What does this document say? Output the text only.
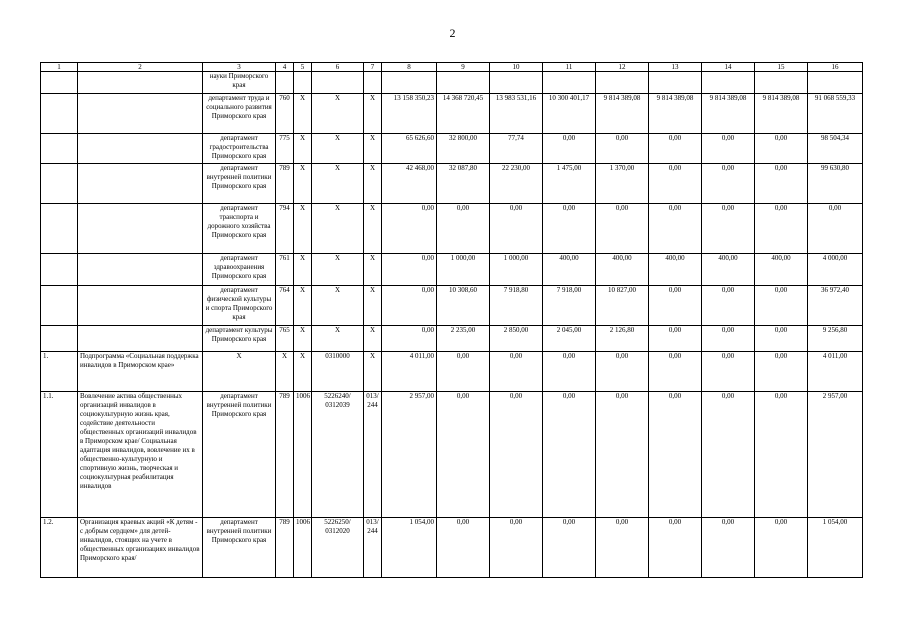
2
1	2	3	4	5	6	7	8	9	10	11	12	13	14	15	16
		науки Приморского края													
		департамент труда и социального развития Приморского края	760	Х	Х	Х	13 158 350,23	14 368 720,45	13 983 531,16	10 300 401,17	9 814 389,08	9 814 389,08	9 814 389,08	9 814 389,08	91 068 559,33
		департамент градостроительства Приморского края	775	Х	Х	Х	65 626,60	32 800,00	77,74	0,00	0,00	0,00	0,00	0,00	98 504,34
		департамент внутренней политики Приморского края	789	Х	Х	Х	42 468,00	32 087,80	22 230,00	1 475,00	1 370,00	0,00	0,00	0,00	99 630,80
		департамент транспорта и дорожного хозяйства Приморского края	794	Х	Х	Х	0,00	0,00	0,00	0,00	0,00	0,00	0,00	0,00	0,00
		департамент здравоохранения Приморского края	761	Х	Х	Х	0,00	1 000,00	1 000,00	400,00	400,00	400,00	400,00	400,00	4 000,00
		департамент физической культуры и спорта Приморского края	764	Х	Х	Х	0,00	10 308,60	7 918,80	7 918,00	10 827,00	0,00	0,00	0,00	36 972,40
		департамент культуры Приморского края	765	Х	Х	Х	0,00	2 235,00	2 850,00	2 045,00	2 126,80	0,00	0,00	0,00	9 256,80
1.	Подпрограмма «Социальная поддержка инвалидов в Приморском крае»	Х	Х	Х	0310000	Х	4 011,00	0,00	0,00	0,00	0,00	0,00	0,00	0,00	4 011,00
1.1.	Вовлечение актива общественных организаций инвалидов в социокультурную жизнь края, содействие деятельности общественных организаций инвалидов в Приморском крае/ Социальная адаптация инвалидов, вовлечение их в общественно-культурную и спортивную жизнь, творческая и социокультурная реабилитация инвалидов	департамент внутренней политики Приморского края	789	1006	5226240/ 0312039	013/ 244	2 957,00	0,00	0,00	0,00	0,00	0,00	0,00	0,00	2 957,00
1.2.	Организация краевых акций «К детям - с добрым сердцем» для детей-инвалидов, стоящих на учете в общественных организациях инвалидов Приморского края/	департамент внутренней политики Приморского края	789	1006	5226250/ 0312020	013/ 244	1 054,00	0,00	0,00	0,00	0,00	0,00	0,00	0,00	1 054,00
